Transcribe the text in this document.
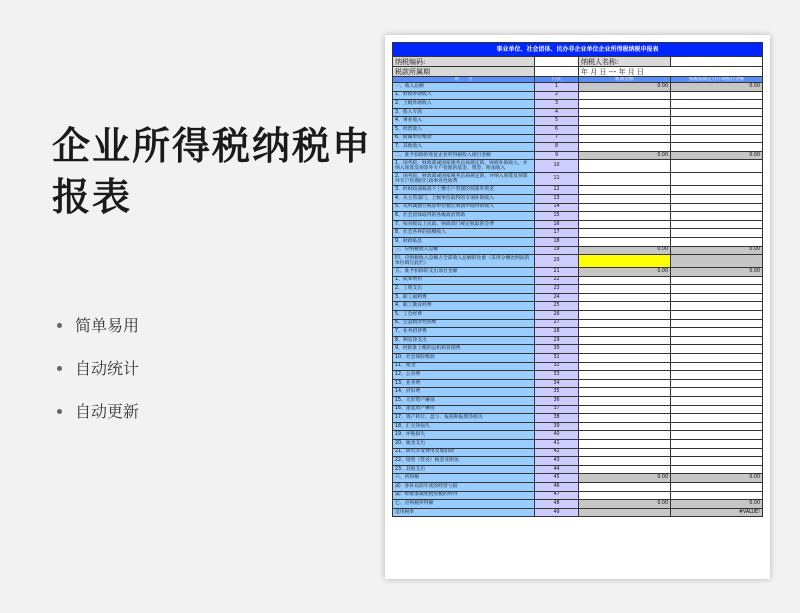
企业所得税纳税申报表
简单易用
自动统计
自动更新
事业单位、社会团体、民办非企业单位企业所得税纳税申报表			
纳税编码:		纳税人名称:	
税款所属期		年 月 日 --- 年 月 日	
项　　目	行次	帐载金额	按税法规定自行调整后金额
一、收入总额	1	0.00	0.00
1、财政补助收入	2		
2、上级补助收入	3		
3、拨入专款	4		
4、事业收入	5		
5、经营收入	6		
6、附属单位缴款	7		
7、其他收入	8		
二、准予扣除的免征企业所得税收入项目金额	9	0.00	0.00
1、国务院、财政部或国家税务总局规定的，财政补助收入，并纳入预算及预算外专户管理的基金、资金、附加收入	10		
2、国务院、财政部或国家税务总局规定的，并纳入预算及预算外专户管理的行政事业性收费	11		
3、经财政部核准不上缴专户管理的预算外资金	12		
4、从主管部门、上级单位取得的专项补助收入	13		
5、从所属独立核算单位税后利润中取得的收入	14		
6、社会团体取得的各级政府资助	15		
7、按省级以上民政、财政部门规定收取的会费	16		
8、社会各界的捐赠收入	17		
9、财政贴息	18		
三、应纳税收入总额	19	0.00	0.00
四、应纳税收入总额占全部收入总额的比重（采用分摊比例法的单位填写此栏）	20		
五、准予扣除的支出项目金额	21	0.00	0.00
1、成本费用	22		
2、工资支出	23		
3、职工福利费	24		
4、职工教育经费	25		
5、工会经费	26		
6、公益救济性捐赠	27		
7、业务招待费	28		
8、利息净支出	29		
9、经批准上缴的总机构管理费	30		
10、社会保险缴款	31		
11、租金	32		
12、公杂费	33		
13、业务费	34		
14、折旧费	35		
15、无形资产摊销	36		
16、递延资产摊销	37		
17、资产转让、盘亏、报损和报废净损失	38		
18、汇兑净损失	39		
19、坏账损失	40		
20、税金支出	41		
21、研究开发费用及加扣除	42		
22、销售（营业）税金及附加	43		
23、其他支出	44		
六、所得额	45	0.00	0.00
减：弥补以前年度的经营亏损	46		
减：经批准减免税免税的所得	47		
七、应纳税所得额	48	0.00	0.00
适用税率	49		#VALUE!
